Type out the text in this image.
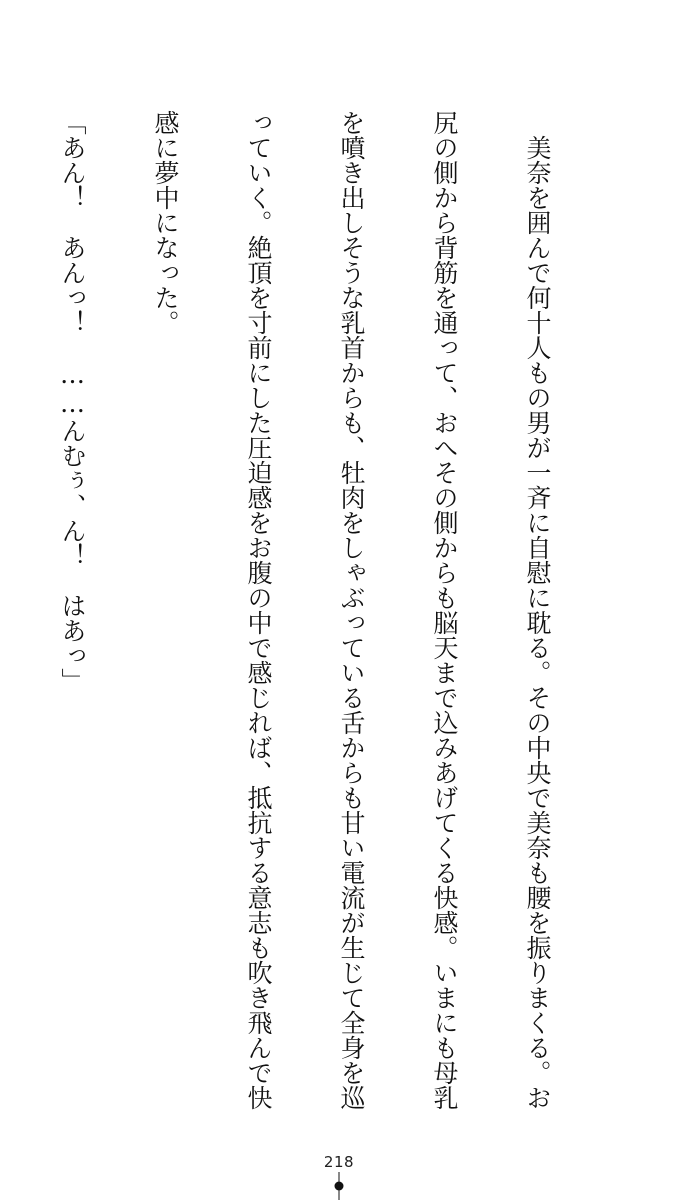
　美奈を囲んで何十人もの男が一斉に自慰に耽る。その中央で美奈も腰を振りまくる。お

尻の側から背筋を通って、おへその側からも脳天まで込みあげてくる快感。いまにも母乳

を噴き出しそうな乳首からも、牡肉をしゃぶっている舌からも甘い電流が生じて全身を巡

っていく。絶頂を寸前にした圧迫感をお腹の中で感じれば、抵抗する意志も吹き飛んで快

感に夢中になった。

「あん！　あんっ！　……んむぅ、ん！　はあっ」

218
